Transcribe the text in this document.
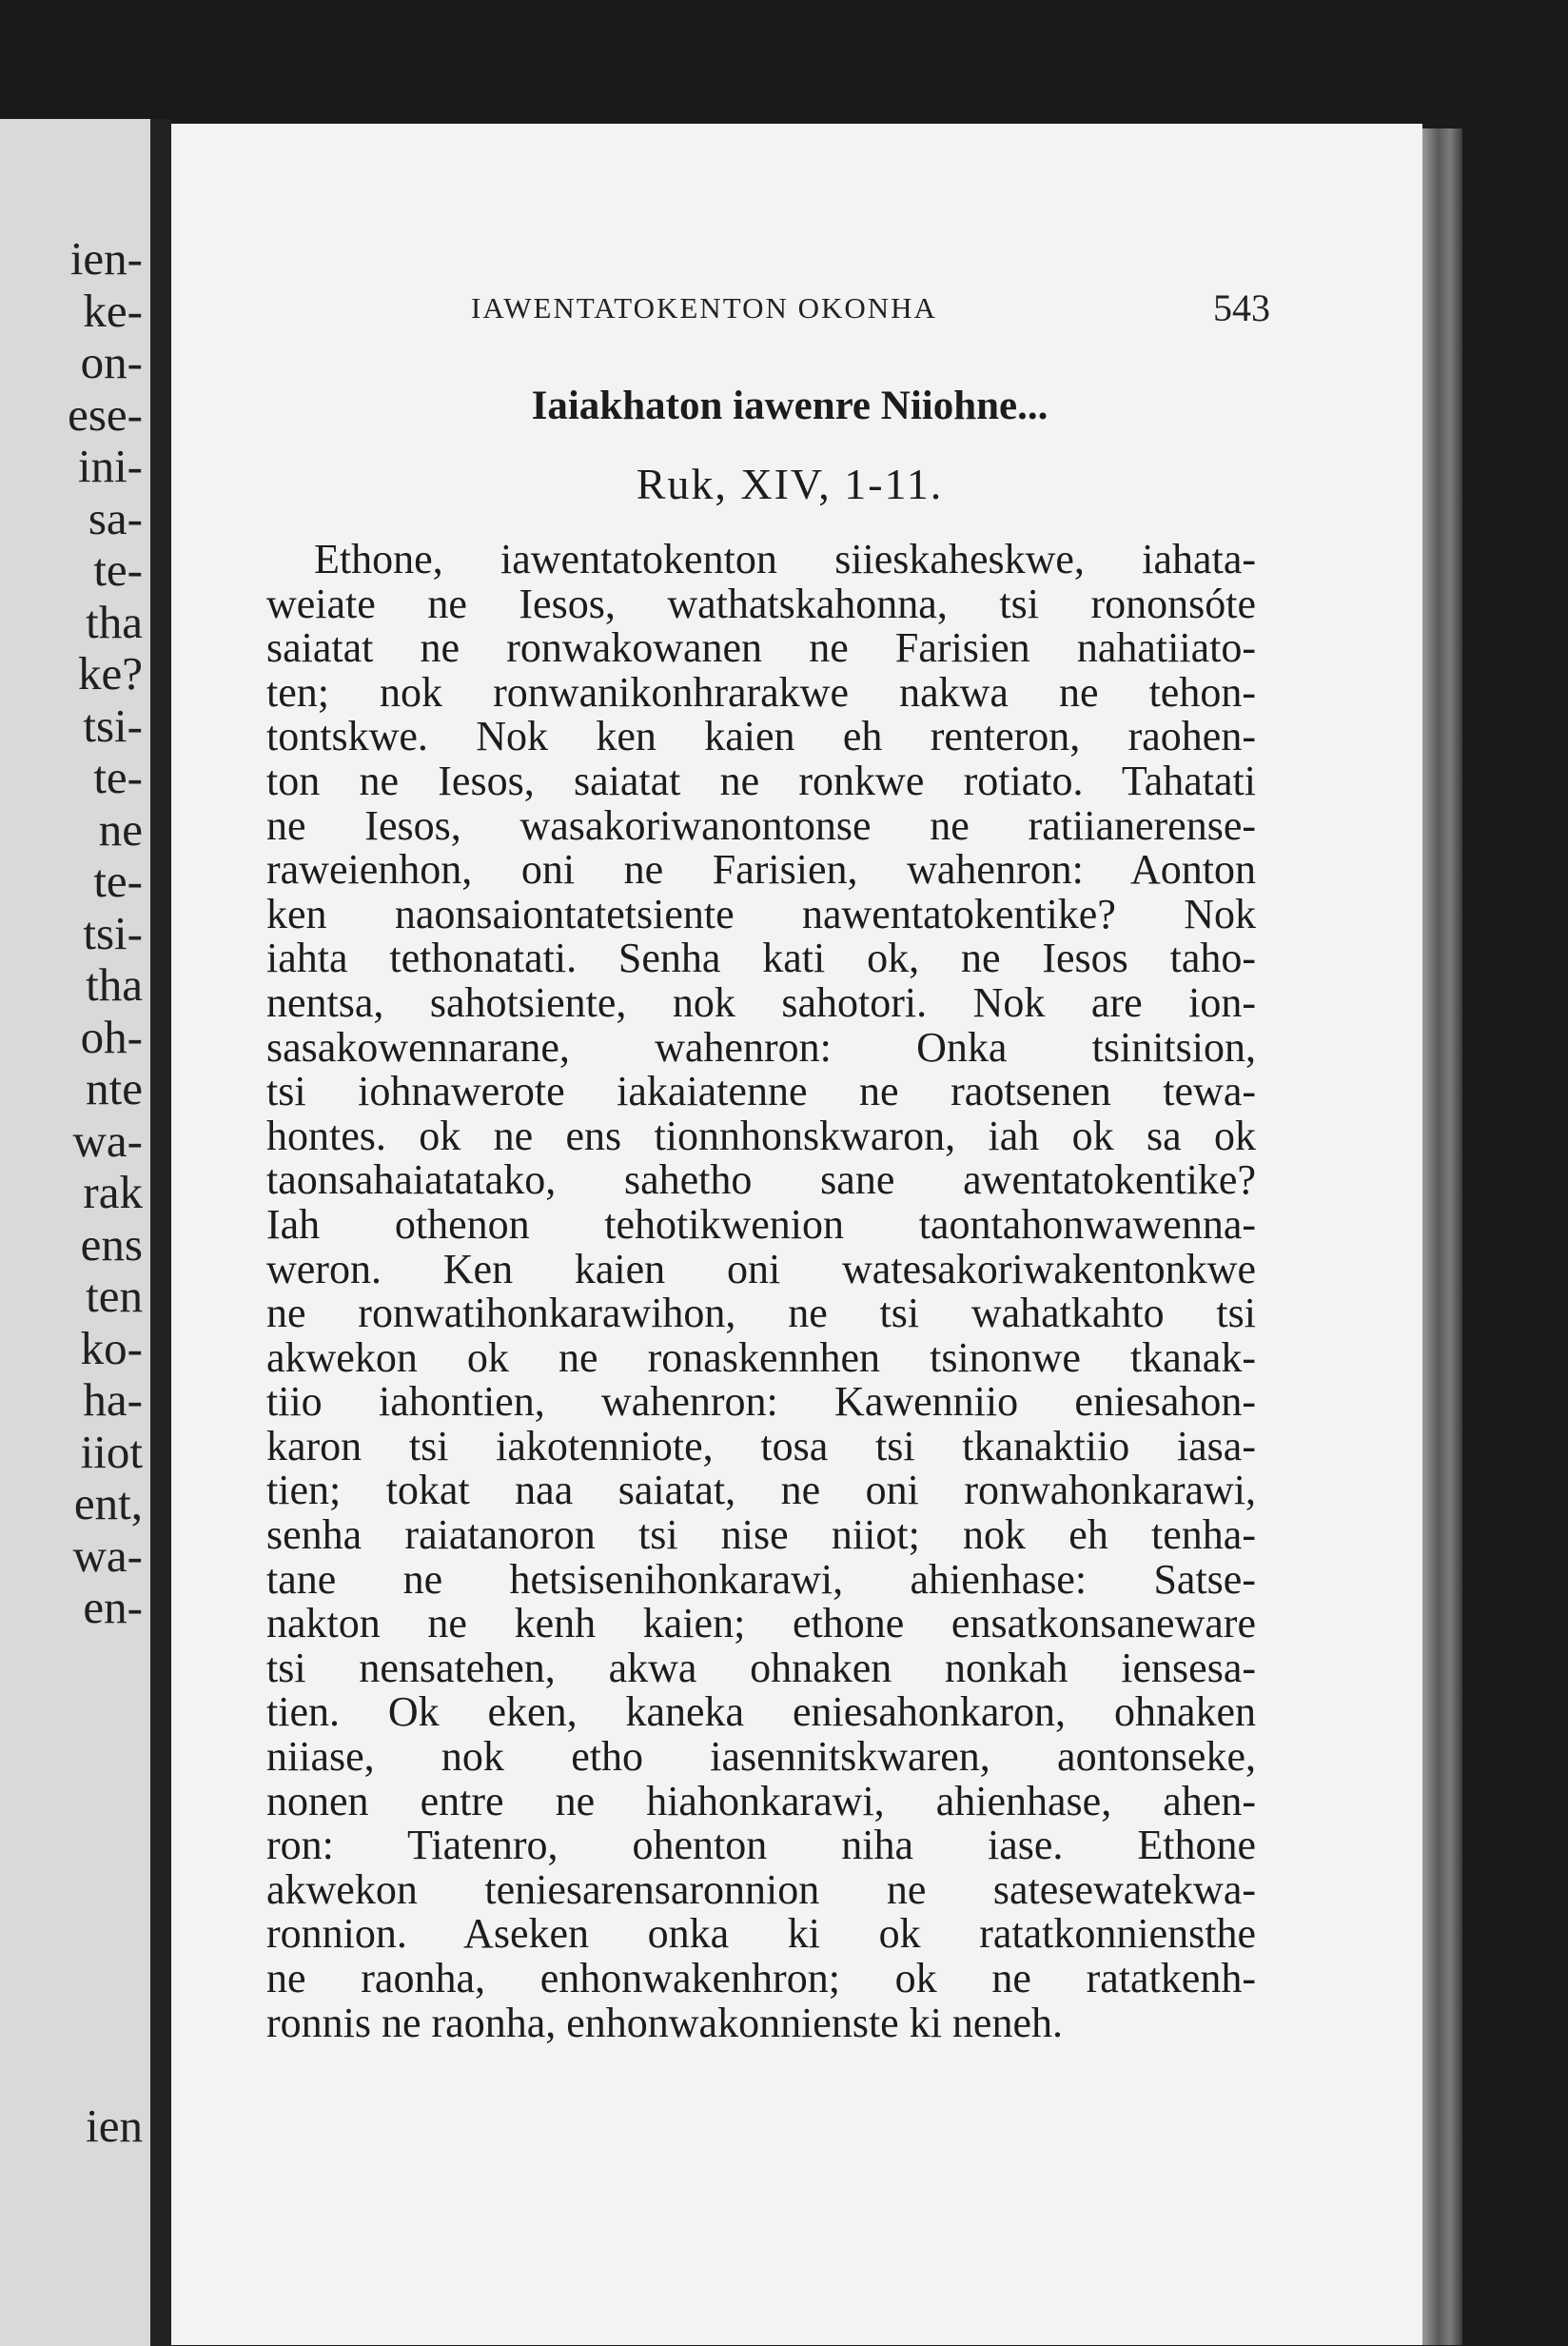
ien-
ke-
on-
ese-
ini-
sa-
te-
tha
ke?
tsi-
te-
ne
te-
tsi-
tha
oh-
nte
wa-
rak
ens
ten
ko-
ha-
iiot
ent,
wa-
en-
ien
IAWENTATOKENTON OKONHA	543
Iaiakhaton iawenre Niiohne...
Ruk, XIV, 1-11.
Ethone, iawentatokenton siieskaheskwe, iahata-
weiate ne Iesos, wathatskahonna, tsi rononsóte
saiatat ne ronwakowanen ne Farisien nahatiiato-
ten; nok ronwanikonhrarakwe nakwa ne tehon-
tontskwe. Nok ken kaien eh renteron, raohen-
ton ne Iesos, saiatat ne ronkwe rotiato. Tahatati
ne Iesos, wasakoriwanontonse ne ratiianerense-
raweienhon, oni ne Farisien, wahenron: Aonton
ken naonsaiontatetsiente nawentatokentike? Nok
iahta tethonatati. Senha kati ok, ne Iesos taho-
nentsa, sahotsiente, nok sahotori. Nok are ion-
sasakowennarane, wahenron: Onka tsinitsion,
tsi iohnawerote iakaiatenne ne raotsenen tewa-
hontes. ok ne ens tionnhonskwaron, iah ok sa ok
taonsahaiatatako, sahetho sane awentatokentike?
Iah othenon tehotikwenion taontahonwawenna-
weron. Ken kaien oni watesakoriwakentonkwe
ne ronwatihonkarawihon, ne tsi wahatkahto tsi
akwekon ok ne ronaskennhen tsinonwe tkanak-
tiio iahontien, wahenron: Kawenniio eniesahon-
karon tsi iakotenniote, tosa tsi tkanaktiio iasa-
tien; tokat naa saiatat, ne oni ronwahonkarawi,
senha raiatanoron tsi nise niiot; nok eh tenha-
tane ne hetsisenihonkarawi, ahienhase: Satse-
nakton ne kenh kaien; ethone ensatkonsaneware
tsi nensatehen, akwa ohnaken nonkah iensesa-
tien. Ok eken, kaneka eniesahonkaron, ohnaken
niiase, nok etho iasennitskwaren, aontonseke,
nonen entre ne hiahonkarawi, ahienhase, ahen-
ron: Tiatenro, ohenton niha iase. Ethone
akwekon teniesarensaronnion ne satesewatekwa-
ronnion. Aseken onka ki ok ratatkonniensthe
ne raonha, enhonwakenhron; ok ne ratatkenh-
ronnis ne raonha, enhonwakonnienste ki neneh.
